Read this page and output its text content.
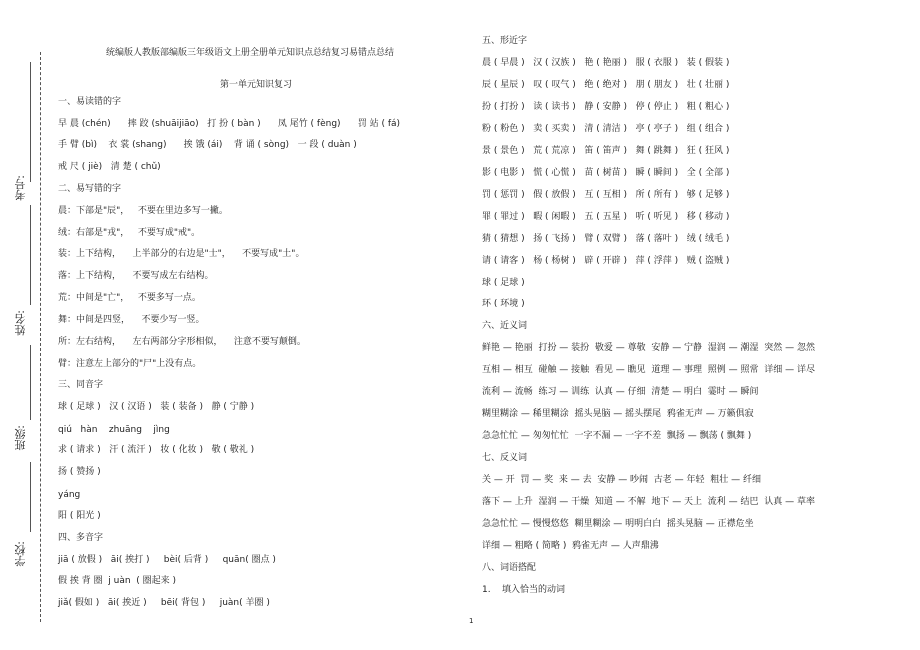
考号:
姓名:
班级:
学校:
统编版人教版部编版三年级语文上册全册单元知识点总结复习易错点总结
第一单元知识复习
一、易读错的字
早 晨 (chén)      摔 跤 (shuāijiāo)   打 扮 ( bàn )      凤 尾竹 ( fèng)      罚 站 ( fá)
手 臂 (bì)    衣 裳 (shang)      挨 饿 (ái)    背 诵 ( sòng)   一 段 ( duàn )
戒 尺 ( jiè)   清 楚 ( chǔ)
二、易写错的字
晨：下部是"辰"，   不要在里边多写一撇。
绒：右部是"戎"，   不要写成"戒"。
装：上下结构，    上半部分的右边是"士"，    不要写成"土"。
落：上下结构，    不要写成左右结构。
荒：中间是"亡"，   不要多写一点。
舞：中间是四竖，    不要少写一竖。
所：左右结构，    左右两部分字形相似，    注意不要写颠倒。
臂：注意左上部分的"尸"上没有点。
三、同音字
球 ( 足球 )   汉 ( 汉语 )   装 ( 装备 )   静 ( 宁静 )
qiú   hàn    zhuāng    jìng
求 ( 请求 )   汗 ( 流汗 )   妆 ( 化妆 )   敬 ( 敬礼 )
扬 ( 赞扬 )
yáng
阳 ( 阳光 )
四、多音字
jiā ( 放假 )   āi( 挨打 )     bèi( 后背 )     quān( 圈点 )
假 挨 背 圈  j uàn  ( 圈起来 )
jiǎ( 假如 )   āi( 挨近 )     bēi( 背包 )     juàn( 羊圈 )
五、形近字
晨 ( 早晨 )   汉 ( 汉族 )   艳 ( 艳丽 )   服 ( 衣服 )   装 ( 假装 )
辰 ( 星辰 )   叹 ( 叹气 )   绝 ( 绝对 )   朋 ( 朋友 )   壮 ( 壮丽 )
扮 ( 打扮 )   读 ( 读书 )   静 ( 安静 )   停 ( 停止 )   粗 ( 粗心 )
粉 ( 粉色 )   卖 ( 买卖 )   清 ( 清洁 )   亭 ( 亭子 )   组 ( 组合 )
景 ( 景色 )   荒 ( 荒凉 )   笛 ( 笛声 )   舞 ( 跳舞 )   狂 ( 狂风 )
影 ( 电影 )   慌 ( 心慌 )   苗 ( 树苗 )   瞬 ( 瞬间 )   全 ( 全部 )
罚 ( 惩罚 )   假 ( 放假 )   互 ( 互相 )   所 ( 所有 )   够 ( 足够 )
罪 ( 罪过 )   暇 ( 闲暇 )   五 ( 五星 )   听 ( 听见 )   移 ( 移动 )
猜 ( 猜想 )   扬 ( 飞扬 )   臂 ( 双臂 )   落 ( 落叶 )   绒 ( 绒毛 )
请 ( 请客 )   杨 ( 杨树 )   辟 ( 开辟 )   萍 ( 浮萍 )   贼 ( 盗贼 )
球 ( 足球 )
环 ( 环境 )
六、近义词
鲜艳 — 艳丽  打扮 — 装扮  敬爱 — 尊敬  安静 — 宁静  湿润 — 潮湿  突然 — 忽然
互相 — 相互  碰触 — 接触  看见 — 瞧见  道理 — 事理  照例 — 照常  详细 — 详尽
流利 — 流畅  练习 — 训练  认真 — 仔细  清楚 — 明白  霎时 — 瞬间
糊里糊涂 — 稀里糊涂  摇头晃脑 — 摇头摆尾  鸦雀无声 — 万籁俱寂
急急忙忙 — 匆匆忙忙  一字不漏 — 一字不差  飘扬 — 飘荡 ( 飘舞 )
七、反义词
关 — 开  罚 — 奖  来 — 去  安静 — 吵闹  古老 — 年轻  粗壮 — 纤细
落下 — 上升  湿润 — 干燥  知道 — 不解  地下 — 天上  流利 — 结巴  认真 — 草率
急急忙忙 — 慢慢悠悠  糊里糊涂 — 明明白白  摇头晃脑 — 正襟危坐
详细 — 粗略 ( 简略 )  鸦雀无声 — 人声鼎沸
八、词语搭配
1.    填入恰当的动词
1
